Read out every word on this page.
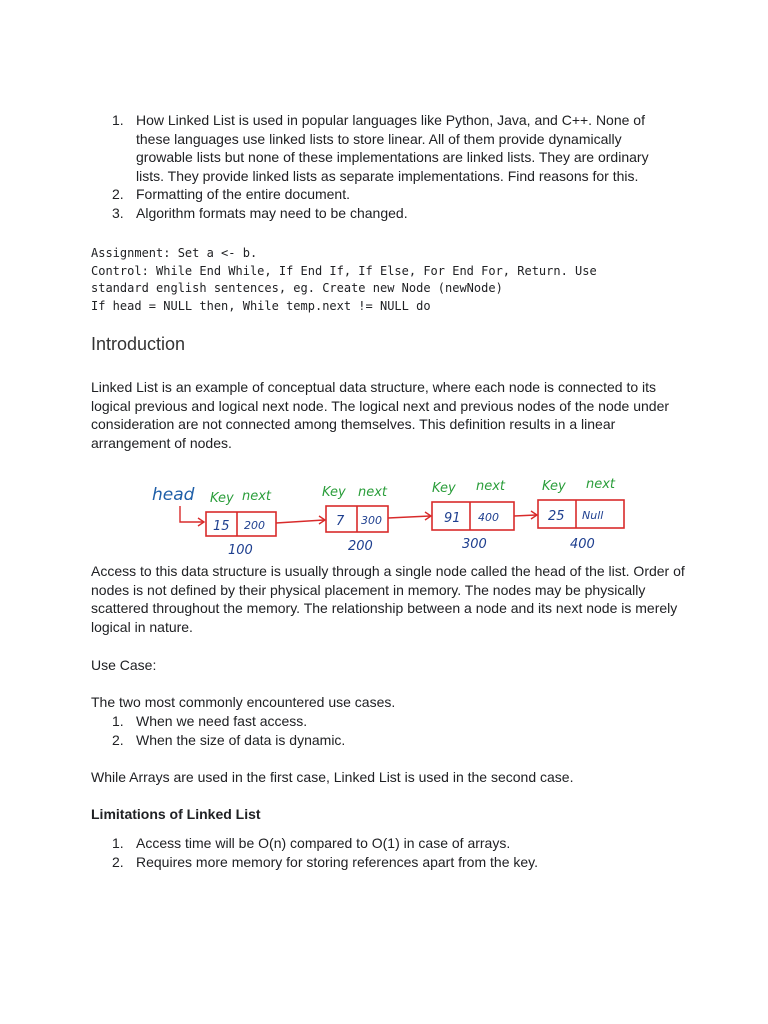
1. How Linked List is used in popular languages like Python, Java, and C++. None of these languages use linked lists to store linear. All of them provide dynamically growable lists but none of these implementations are linked lists. They are ordinary lists. They provide linked lists as separate implementations. Find reasons for this.
2. Formatting of the entire document.
3. Algorithm formats may need to be changed.
Assignment: Set a <- b.
Control: While End While, If End If, If Else, For End For, Return. Use
standard english sentences, eg. Create new Node (newNode)
If head = NULL then, While temp.next != NULL do
Introduction

Linked List is an example of conceptual data structure, where each node is connected to its logical previous and logical next node. The logical next and previous nodes of the node under consideration are not connected among themselves. This definition results in a linear arrangement of nodes.

head Key next
15 200
100
Key next
7 300
200
Key next
91 400
300
Key next
25 Null
400

Access to this data structure is usually through a single node called the head of the list. Order of nodes is not defined by their physical placement in memory. The nodes may be physically scattered throughout the memory. The relationship between a node and its next node is merely logical in nature.

Use Case:

The two most commonly encountered use cases.

1. When we need fast access.
2. When the size of data is dynamic.

While Arrays are used in the first case, Linked List is used in the second case.

Limitations of Linked List
1. Access time will be O(n) compared to O(1) in case of arrays.
2. Requires more memory for storing references apart from the key.
